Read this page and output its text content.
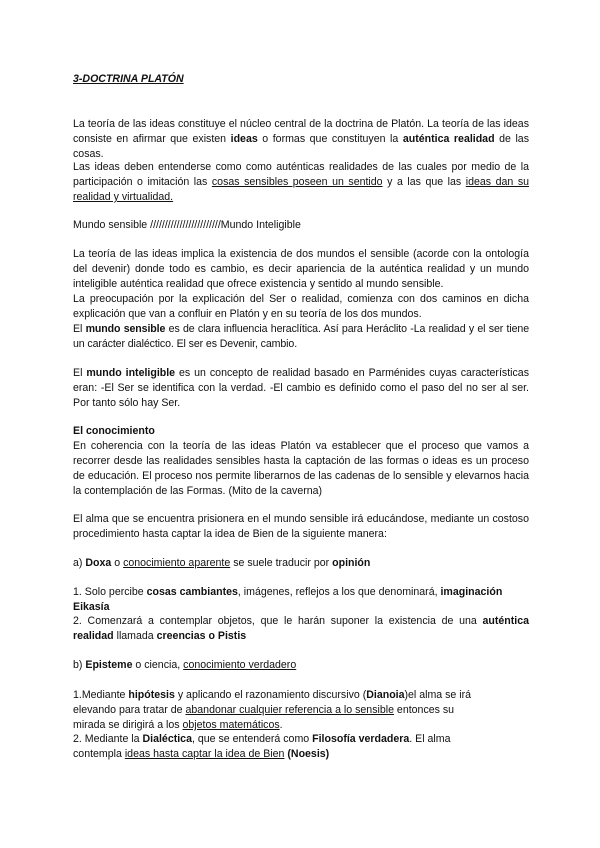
3-DOCTRINA PLATÓN

La teoría de las ideas constituye el núcleo central de la doctrina de Platón. La teoría de las ideas consiste en afirmar que existen ideas o formas que constituyen la auténtica realidad de las cosas.

Las ideas deben entenderse como como auténticas realidades de las cuales por medio de la participación o imitación las cosas sensibles poseen un sentido y a las que las ideas dan su realidad y virtualidad.

Mundo sensible ////////////////////////Mundo Inteligible

La teoría de las ideas implica la existencia de dos mundos el sensible (acorde con la ontología del devenir) donde todo es cambio, es decir apariencia de la auténtica realidad y un mundo inteligible auténtica realidad que ofrece existencia y sentido al mundo sensible.

La preocupación por la explicación del Ser o realidad, comienza con dos caminos en dicha explicación que van a confluir en Platón y en su teoría de los dos mundos.

El mundo sensible es de clara influencia heraclítica. Así para Heráclito -La realidad y el ser tiene un carácter dialéctico. El ser es Devenir, cambio.

El mundo inteligible es un concepto de realidad basado en Parménides cuyas características eran: -El Ser se identifica con la verdad. -El cambio es definido como el paso del no ser al ser. Por tanto sólo hay Ser.

El conocimiento

En coherencia con la teoría de las ideas Platón va establecer que el proceso que vamos a recorrer desde las realidades sensibles hasta la captación de las formas o ideas es un proceso de educación. El proceso nos permite liberarnos de las cadenas de lo sensible y elevarnos hacia la contemplación de las Formas. (Mito de la caverna)

El alma que se encuentra prisionera en el mundo sensible irá educándose, mediante un costoso procedimiento hasta captar la idea de Bien de la siguiente manera:

a) Doxa o conocimiento aparente se suele traducir por opinión

1. Solo percibe cosas cambiantes, imágenes, reflejos a los que denominará, imaginación Eikasía

2. Comenzará a contemplar objetos, que le harán suponer la existencia de una auténtica realidad llamada creencias o Pistis

b) Episteme o ciencia, conocimiento verdadero

1.Mediante hipótesis y aplicando el razonamiento discursivo (Dianoia)el alma se irá elevando para tratar de abandonar cualquier referencia a lo sensible entonces su mirada se dirigirá a los objetos matemáticos.

2. Mediante la Dialéctica, que se entenderá como Filosofía verdadera. El alma contempla ideas hasta captar la idea de Bien (Noesis)
